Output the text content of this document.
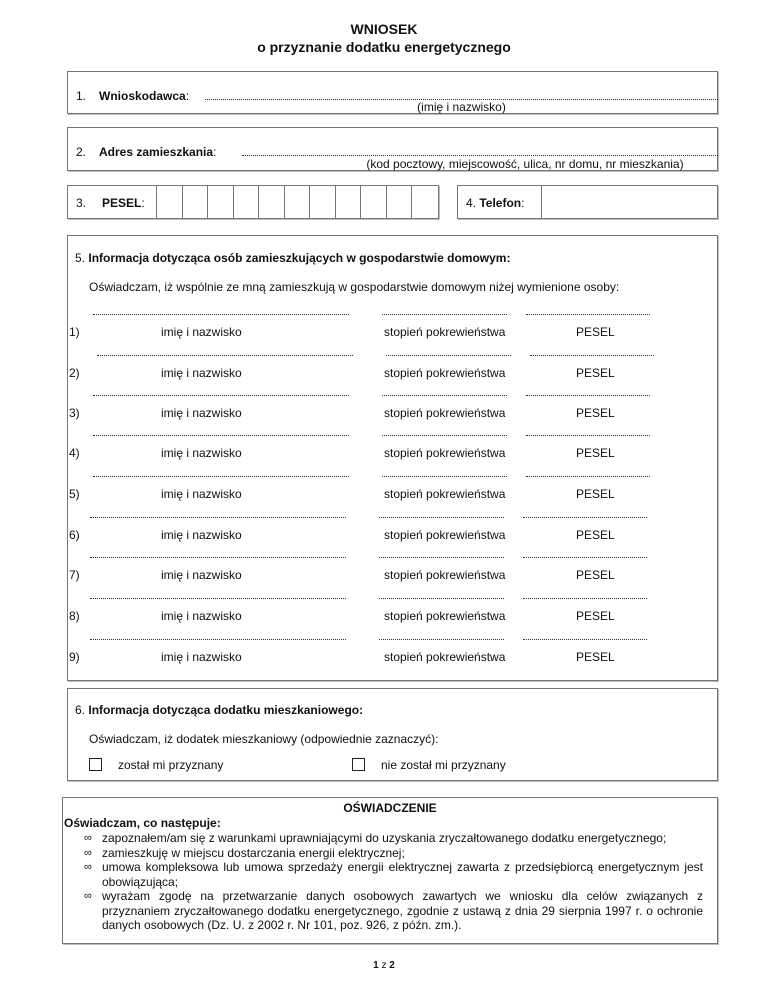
WNIOSEK
o przyznanie dodatku energetycznego
1. Wnioskodawca:
(imię i nazwisko)
2. Adres zamieszkania:
(kod pocztowy, miejscowość, ulica, nr domu, nr mieszkania)
3. PESEL:	4. Telefon:
5. Informacja dotycząca osób zamieszkujących w gospodarstwie domowym:
Oświadczam, iż wspólnie ze mną zamieszkują w gospodarstwie domowym niżej wymienione osoby:
1)	imię i nazwisko	stopień pokrewieństwa	PESEL
2)	imię i nazwisko	stopień pokrewieństwa	PESEL
3)	imię i nazwisko	stopień pokrewieństwa	PESEL
4)	imię i nazwisko	stopień pokrewieństwa	PESEL
5)	imię i nazwisko	stopień pokrewieństwa	PESEL
6)	imię i nazwisko	stopień pokrewieństwa	PESEL
7)	imię i nazwisko	stopień pokrewieństwa	PESEL
8)	imię i nazwisko	stopień pokrewieństwa	PESEL
9)	imię i nazwisko	stopień pokrewieństwa	PESEL
6. Informacja dotycząca dodatku mieszkaniowego:
Oświadczam, iż dodatek mieszkaniowy (odpowiednie zaznaczyć):
został mi przyznany	nie został mi przyznany
OŚWIADCZENIE
Oświadczam, co następuje:
∞ zapoznałem/am się z warunkami uprawniającymi do uzyskania zryczałtowanego dodatku energetycznego;
∞ zamieszkuję w miejscu dostarczania energii elektrycznej;
∞ umowa kompleksowa lub umowa sprzedaży energii elektrycznej zawarta z przedsiębiorcą energetycznym jest obowiązująca;
∞ wyrażam zgodę na przetwarzanie danych osobowych zawartych we wniosku dla celów związanych z przyznaniem zryczałtowanego dodatku energetycznego, zgodnie z ustawą z dnia 29 sierpnia 1997 r. o ochronie danych osobowych (Dz. U. z 2002 r. Nr 101, poz. 926, z późn. zm.).
1 z 2
